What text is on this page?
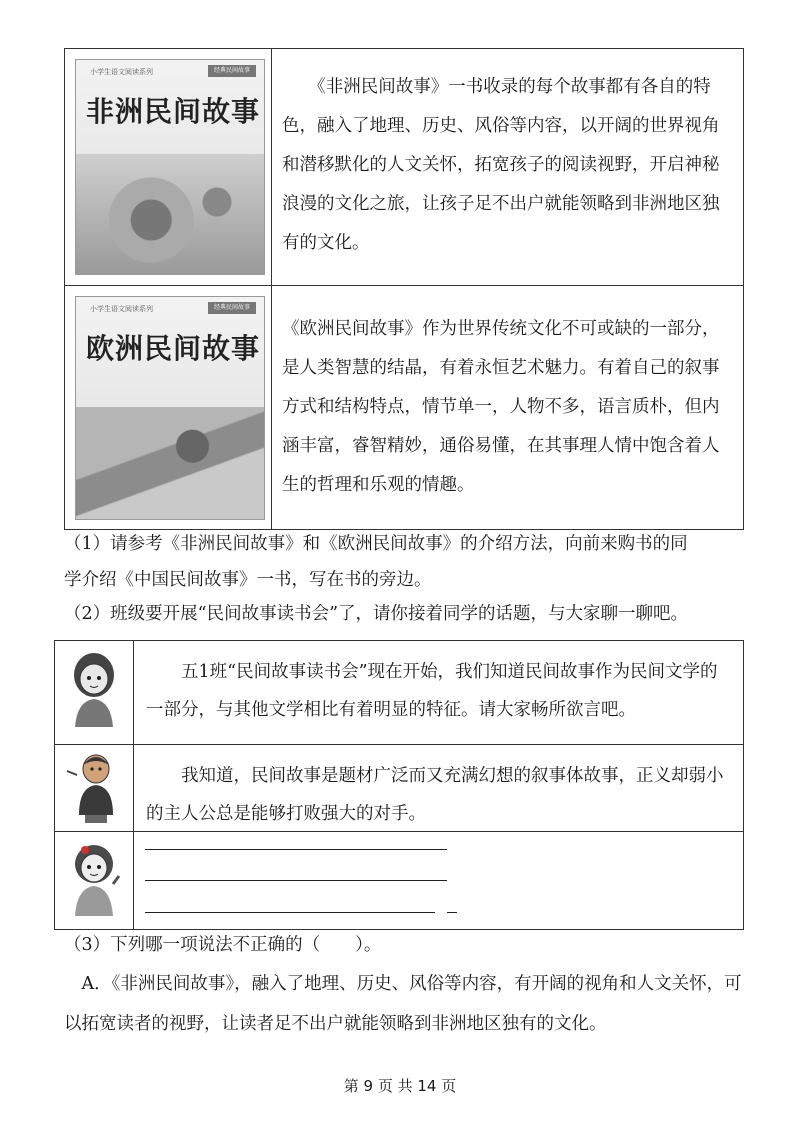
小学生语文阅读系列	经典民间故事
非洲民间故事
　　《非洲民间故事》一书收录的每个故事都有各自的特色，融入了地理、历史、风俗等内容，以开阔的世界视角和潜移默化的人文关怀，拓宽孩子的阅读视野，开启神秘浪漫的文化之旅，让孩子足不出户就能领略到非洲地区独有的文化。
小学生语文阅读系列	经典民间故事
欧洲民间故事
《欧洲民间故事》作为世界传统文化不可或缺的一部分，是人类智慧的结晶，有着永恒艺术魅力。有着自己的叙事方式和结构特点，情节单一，人物不多，语言质朴，但内涵丰富，睿智精妙，通俗易懂，在其事理人情中饱含着人生的哲理和乐观的情趣。
（1）请参考《非洲民间故事》和《欧洲民间故事》的介绍方法，向前来购书的同
学介绍《中国民间故事》一书，写在书的旁边。
（2）班级要开展“民间故事读书会”了，请你接着同学的话题，与大家聊一聊吧。
　　五1班“民间故事读书会”现在开始，我们知道民间故事作为民间文学的一部分，与其他文学相比有着明显的特征。请大家畅所欲言吧。
　　我知道，民间故事是题材广泛而又充满幻想的叙事体故事，正义却弱小的主人公总是能够打败强大的对手。
（3）下列哪一项说法不正确的（　　）。
　A．《非洲民间故事》，融入了地理、历史、风俗等内容，有开阔的视角和人文关怀，可以拓宽读者的视野，让读者足不出户就能领略到非洲地区独有的文化。
第 9 页 共 14 页
